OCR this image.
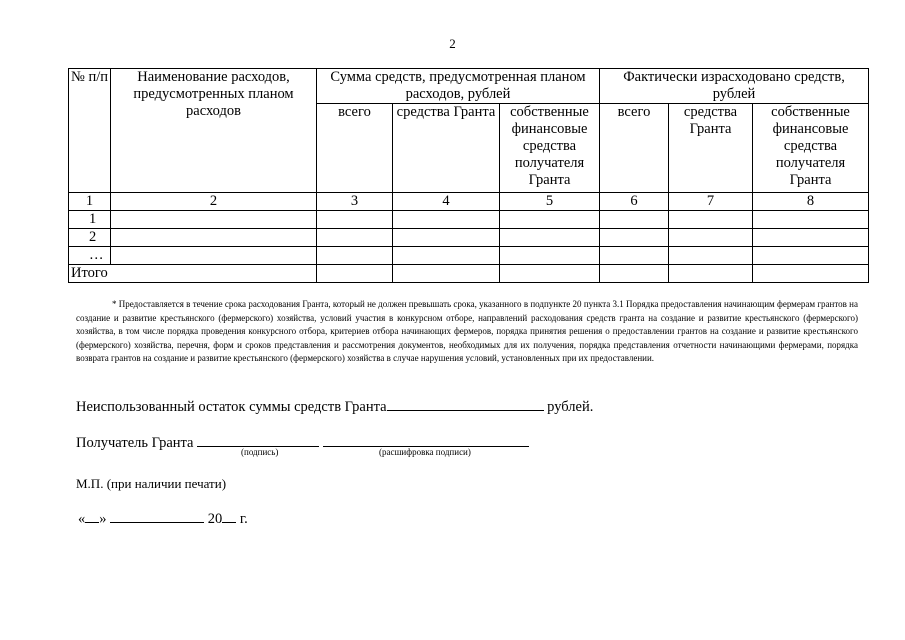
2
№ п/п	Наименование расходов, предусмотренных планом расходов	Сумма средств, предусмотренная планом расходов, рублей			Фактически израсходовано средств, рублей		
		всего	средства Гранта	собственные финансовые средства получателя Гранта	всего	средства Гранта	собственные финансовые средства получателя Гранта
1	2	3	4	5	6	7	8
1							
2							
…							
Итого							
* Предоставляется в течение срока расходования Гранта, который не должен превышать срока, указанного в подпункте 20 пункта 3.1 Порядка предоставления начинающим фермерам грантов на создание и развитие крестьянского (фермерского) хозяйства, условий участия в конкурсном отборе, направлений расходования средств гранта на создание и развитие крестьянского (фермерского) хозяйства, в том числе порядка проведения конкурсного отбора, критериев отбора начинающих фермеров, порядка принятия решения о предоставлении грантов на создание и развитие крестьянского (фермерского) хозяйства, перечня, форм и сроков представления и рассмотрения документов, необходимых для их получения, порядка представления отчетности начинающими фермерами, порядка возврата грантов на создание и развитие крестьянского (фермерского) хозяйства в случае нарушения условий, установленных при их предоставлении.
Неиспользованный остаток суммы средств Гранта	рублей.
Получатель Гранта
(подпись)	(расшифровка подписи)
М.П. (при наличии печати)
« »	20 г.
